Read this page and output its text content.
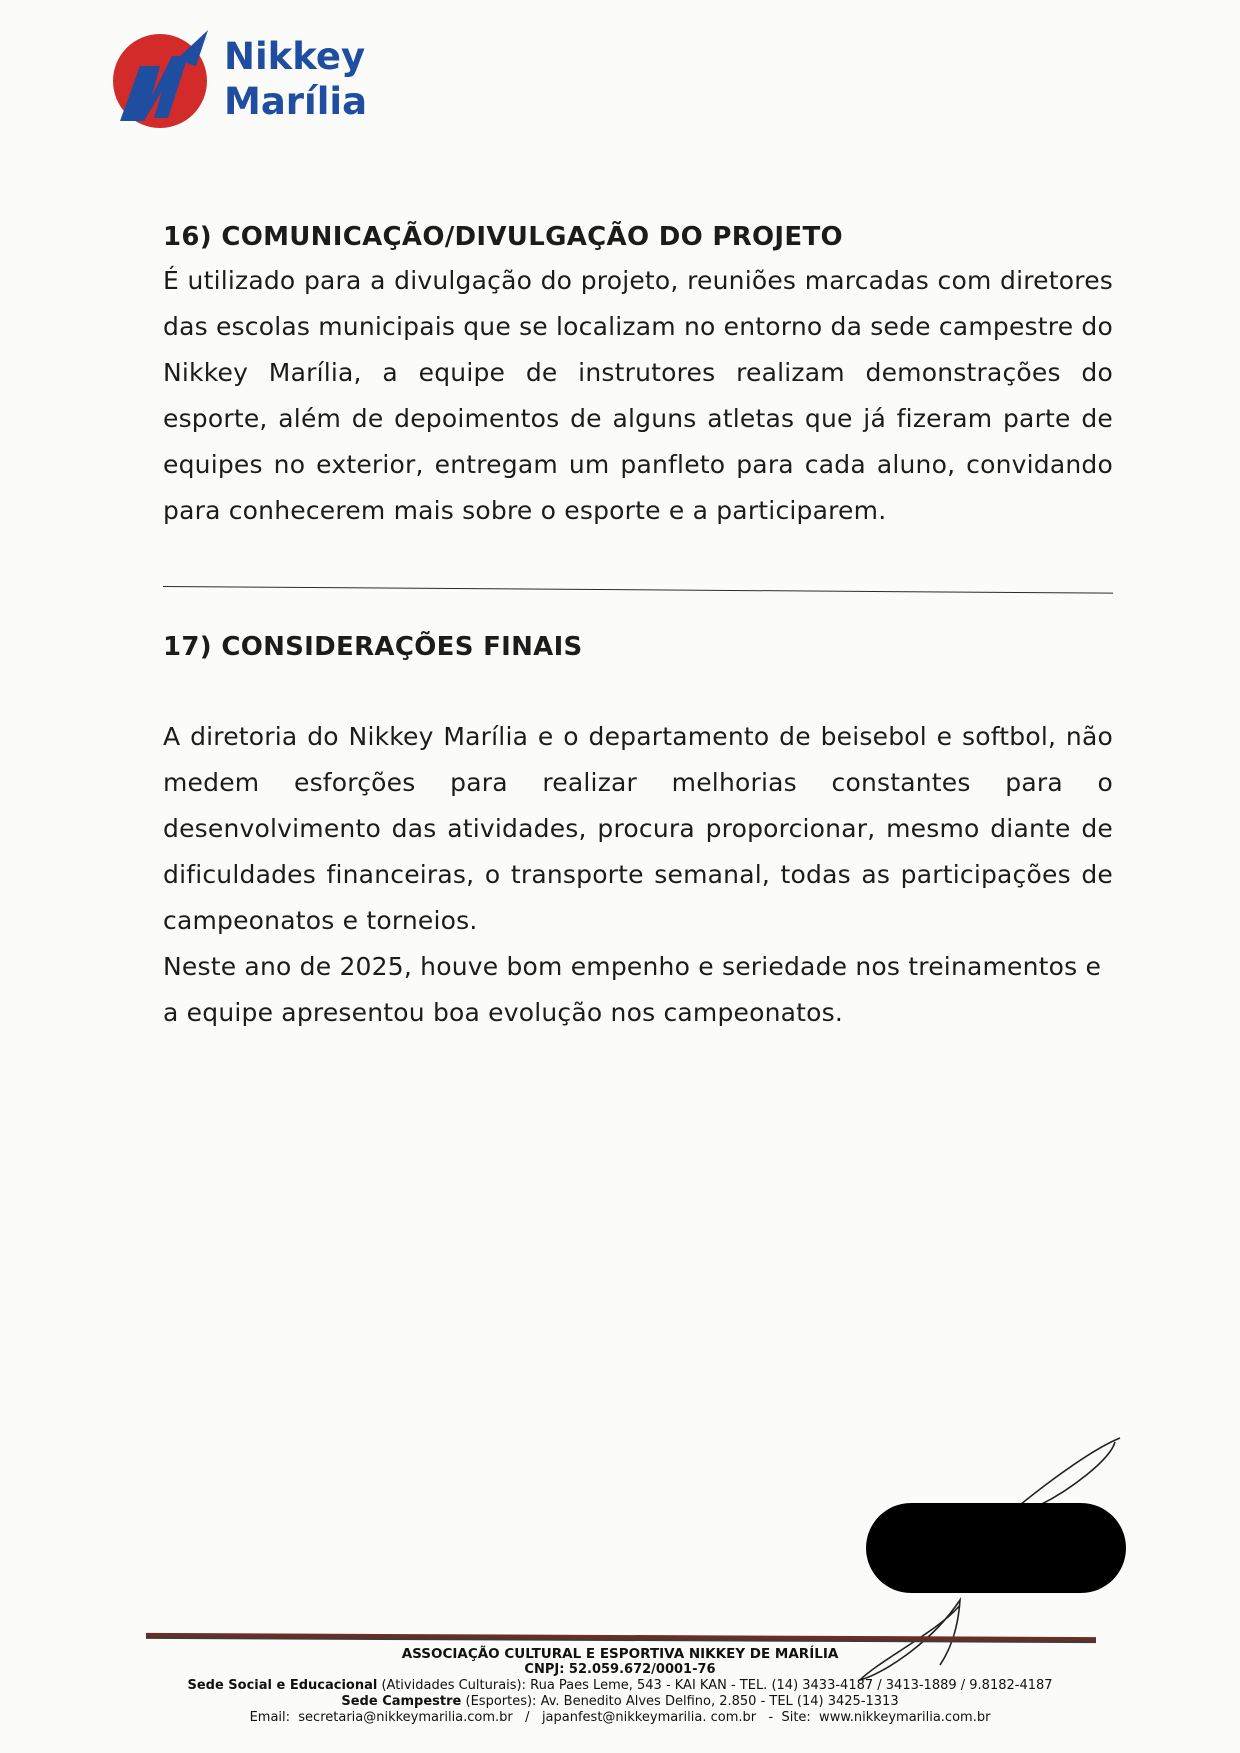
Nikkey
Marília
16) COMUNICAÇÃO/DIVULGAÇÃO DO PROJETO

É utilizado para a divulgação do projeto, reuniões marcadas com diretores das escolas municipais que se localizam no entorno da sede campestre do Nikkey Marília, a equipe de instrutores realizam demonstrações do esporte, além de depoimentos de alguns atletas que já fizeram parte de equipes no exterior, entregam um panfleto para cada aluno, convidando para conhecerem mais sobre o esporte e a participarem.

17) CONSIDERAÇÕES FINAIS

A diretoria do Nikkey Marília e o departamento de beisebol e softbol, não medem esforções para realizar melhorias constantes para o desenvolvimento das atividades, procura proporcionar, mesmo diante de dificuldades financeiras, o transporte semanal, todas as participações de campeonatos e torneios.

Neste ano de 2025, houve bom empenho e seriedade nos treinamentos e a equipe apresentou boa evolução nos campeonatos.

ASSOCIAÇÃO CULTURAL E ESPORTIVA NIKKEY DE MARÍLIA
CNPJ: 52.059.672/0001-76
Sede Social e Educacional (Atividades Culturais): Rua Paes Leme, 543 - KAI KAN - TEL. (14) 3433-4187 / 3413-1889 / 9.8182-4187
Sede Campestre (Esportes): Av. Benedito Alves Delfino, 2.850 - TEL (14) 3425-1313
Email:  secretaria@nikkeymarilia.com.br   /   japanfest@nikkeymarilia. com.br   -  Site:  www.nikkeymarilia.com.br
